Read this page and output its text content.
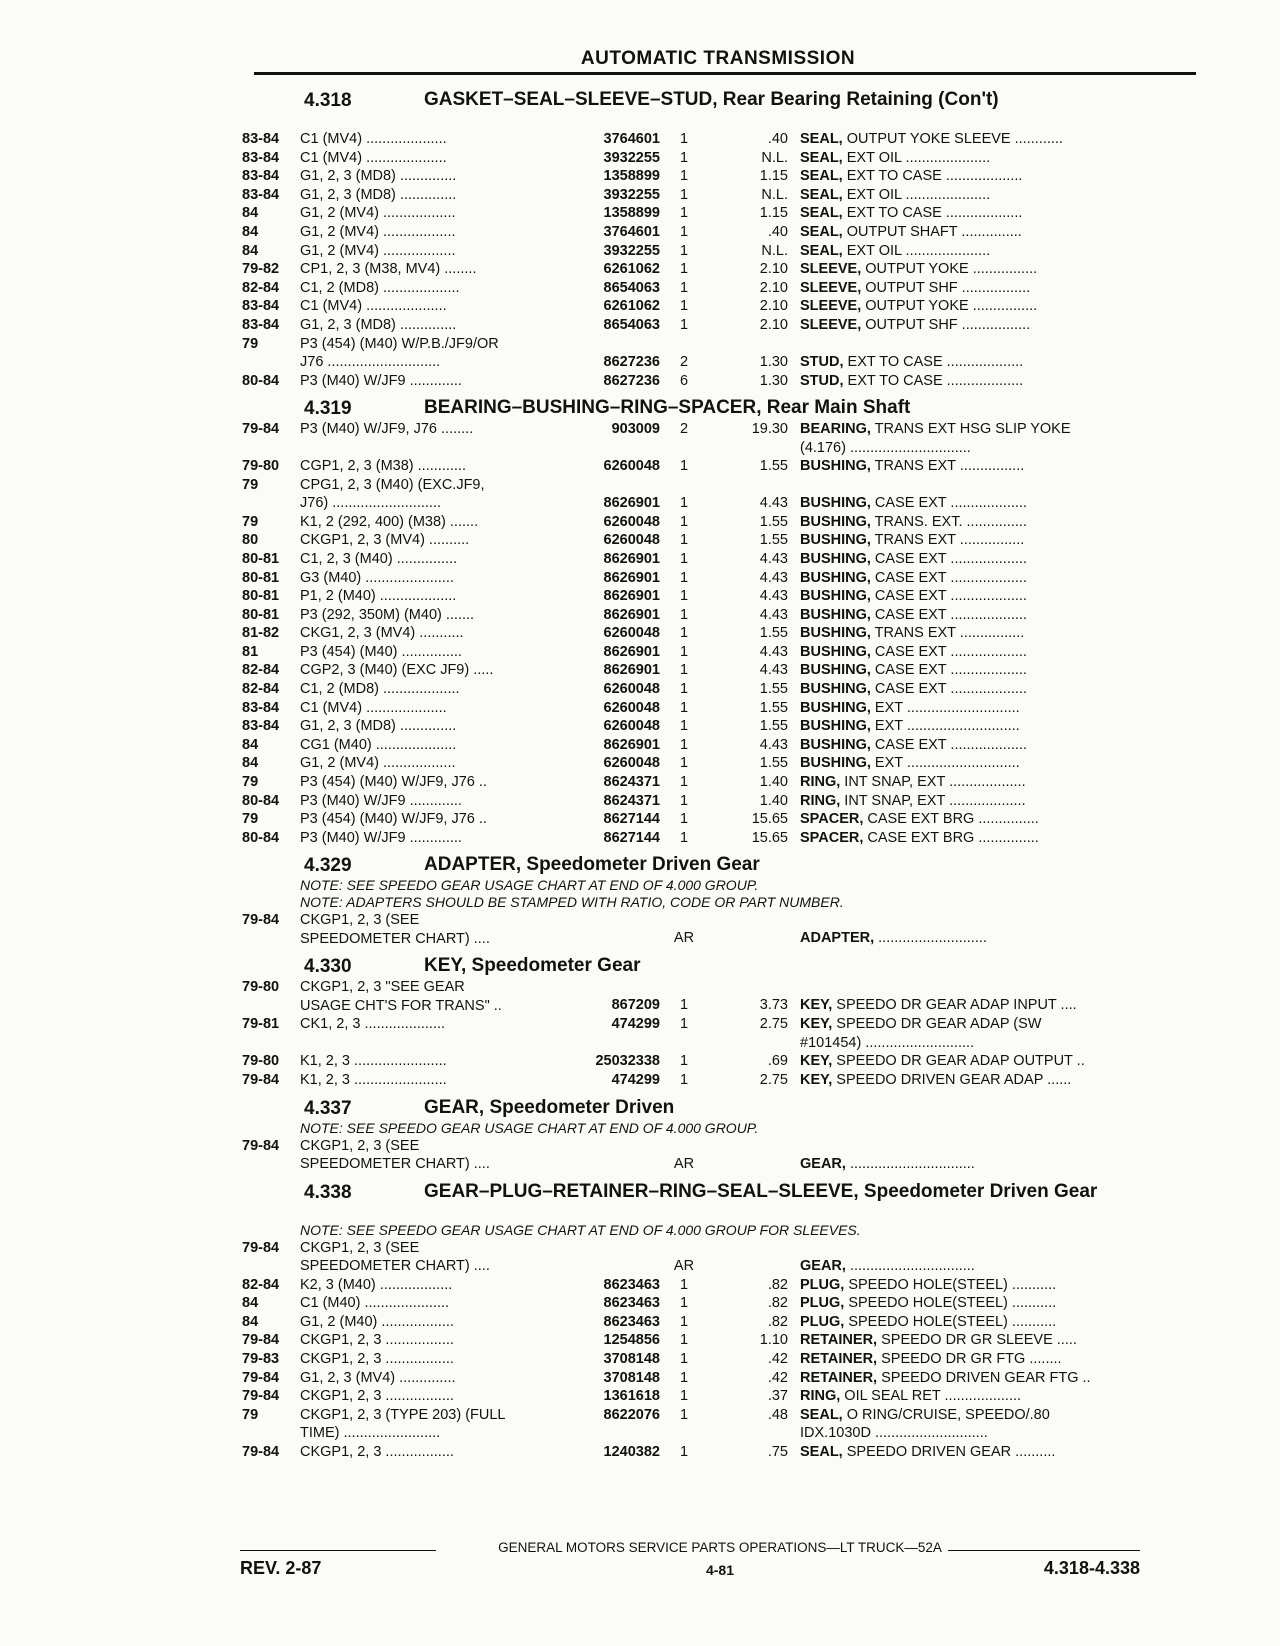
AUTOMATIC TRANSMISSION
4.318	GASKET–SEAL–SLEEVE–STUD, Rear Bearing Retaining (Con't)
83-84 C1 (MV4) ....................	3764601	1	.40 SEAL, OUTPUT YOKE SLEEVE ............
83-84 C1 (MV4) ....................	3932255	1	N.L. SEAL, EXT OIL .....................
83-84 G1, 2, 3 (MD8) ..............	1358899	1	1.15 SEAL, EXT TO CASE ...................
83-84 G1, 2, 3 (MD8) ..............	3932255	1	N.L. SEAL, EXT OIL .....................
84	G1, 2 (MV4) ..................	1358899	1	1.15 SEAL, EXT TO CASE ...................
84	G1, 2 (MV4) ..................	3764601	1	.40 SEAL, OUTPUT SHAFT ...............
84	G1, 2 (MV4) ..................	3932255	1	N.L. SEAL, EXT OIL .....................
79-82 CP1, 2, 3 (M38, MV4) ........	6261062	1	2.10 SLEEVE, OUTPUT YOKE ................
82-84 C1, 2 (MD8) ...................	8654063	1	2.10 SLEEVE, OUTPUT SHF .................
83-84 C1 (MV4) ....................	6261062	1	2.10 SLEEVE, OUTPUT YOKE ................
83-84 G1, 2, 3 (MD8) ..............	8654063	1	2.10 SLEEVE, OUTPUT SHF .................
79	P3 (454) (M40) W/P.B./JF9/OR
J76 ............................	8627236	2	1.30 STUD, EXT TO CASE ...................
80-84 P3 (M40) W/JF9 .............	8627236	6	1.30 STUD, EXT TO CASE ...................
4.319	BEARING–BUSHING–RING–SPACER, Rear Main Shaft
79-84 P3 (M40) W/JF9, J76 ........	903009	2	19.30 BEARING, TRANS EXT HSG SLIP YOKE
(4.176) ..............................
79-80 CGP1, 2, 3 (M38) ............	6260048	1	1.55 BUSHING, TRANS EXT ................
79	CPG1, 2, 3 (M40) (EXC.JF9,
J76) ...........................	8626901	1	4.43 BUSHING, CASE EXT ...................
79	K1, 2 (292, 400) (M38) .......	6260048	1	1.55 BUSHING, TRANS. EXT. ...............
80	CKGP1, 2, 3 (MV4) ..........	6260048	1	1.55 BUSHING, TRANS EXT ................
80-81 C1, 2, 3 (M40) ...............	8626901	1	4.43 BUSHING, CASE EXT ...................
80-81 G3 (M40) ......................	8626901	1	4.43 BUSHING, CASE EXT ...................
80-81 P1, 2 (M40) ...................	8626901	1	4.43 BUSHING, CASE EXT ...................
80-81 P3 (292, 350M) (M40) .......	8626901	1	4.43 BUSHING, CASE EXT ...................
81-82 CKG1, 2, 3 (MV4) ...........	6260048	1	1.55 BUSHING, TRANS EXT ................
81	P3 (454) (M40) ...............	8626901	1	4.43 BUSHING, CASE EXT ...................
82-84 CGP2, 3 (M40) (EXC JF9) .....	8626901	1	4.43 BUSHING, CASE EXT ...................
82-84 C1, 2 (MD8) ...................	6260048	1	1.55 BUSHING, CASE EXT ...................
83-84 C1 (MV4) ....................	6260048	1	1.55 BUSHING, EXT ............................
83-84 G1, 2, 3 (MD8) ..............	6260048	1	1.55 BUSHING, EXT ............................
84	CG1 (M40) ....................	8626901	1	4.43 BUSHING, CASE EXT ...................
84	G1, 2 (MV4) ..................	6260048	1	1.55 BUSHING, EXT ............................
79	P3 (454) (M40) W/JF9, J76 ..	8624371	1	1.40 RING, INT SNAP, EXT ...................
80-84 P3 (M40) W/JF9 .............	8624371	1	1.40 RING, INT SNAP, EXT ...................
79	P3 (454) (M40) W/JF9, J76 ..	8627144	1	15.65 SPACER, CASE EXT BRG ...............
80-84 P3 (M40) W/JF9 .............	8627144	1	15.65 SPACER, CASE EXT BRG ...............
4.329	ADAPTER, Speedometer Driven Gear
NOTE: SEE SPEEDO GEAR USAGE CHART AT END OF 4.000 GROUP.
NOTE: ADAPTERS SHOULD BE STAMPED WITH RATIO, CODE OR PART NUMBER.
79-84 CKGP1, 2, 3 (SEE
SPEEDOMETER CHART) ....	AR	ADAPTER, ...........................
4.330	KEY, Speedometer Gear
79-80 CKGP1, 2, 3 "SEE GEAR
USAGE CHT'S FOR TRANS" ..	867209	1	3.73 KEY, SPEEDO DR GEAR ADAP INPUT ....
79-81 CK1, 2, 3 ....................	474299	1	2.75 KEY, SPEEDO DR GEAR ADAP (SW
#101454) ...........................
79-80 K1, 2, 3 .......................	25032338	1	.69 KEY, SPEEDO DR GEAR ADAP OUTPUT ..
79-84 K1, 2, 3 .......................	474299	1	2.75 KEY, SPEEDO DRIVEN GEAR ADAP ......
4.337	GEAR, Speedometer Driven
NOTE: SEE SPEEDO GEAR USAGE CHART AT END OF 4.000 GROUP.
79-84 CKGP1, 2, 3 (SEE
SPEEDOMETER CHART) ....	AR	GEAR, ...............................
4.338	GEAR–PLUG–RETAINER–RING–SEAL–SLEEVE, Speedometer Driven Gear
NOTE: SEE SPEEDO GEAR USAGE CHART AT END OF 4.000 GROUP FOR SLEEVES.
79-84 CKGP1, 2, 3 (SEE
SPEEDOMETER CHART) ....	AR	GEAR, ...............................
82-84 K2, 3 (M40) ..................	8623463	1	.82 PLUG, SPEEDO HOLE(STEEL) ...........
84	C1 (M40) .....................	8623463	1	.82 PLUG, SPEEDO HOLE(STEEL) ...........
84	G1, 2 (M40) ..................	8623463	1	.82 PLUG, SPEEDO HOLE(STEEL) ...........
79-84 CKGP1, 2, 3 .................	1254856	1	1.10 RETAINER, SPEEDO DR GR SLEEVE .....
79-83 CKGP1, 2, 3 .................	3708148	1	.42 RETAINER, SPEEDO DR GR FTG ........
79-84 G1, 2, 3 (MV4) ..............	3708148	1	.42 RETAINER, SPEEDO DRIVEN GEAR FTG ..
79-84 CKGP1, 2, 3 .................	1361618	1	.37 RING, OIL SEAL RET ...................
79	CKGP1, 2, 3 (TYPE 203) (FULL
TIME) ........................
8622076	1	.48 SEAL, O RING/CRUISE, SPEEDO/.80
IDX.1030D ............................
79-84 CKGP1, 2, 3 .................	1240382	1	.75 SEAL, SPEEDO DRIVEN GEAR ..........
GENERAL MOTORS SERVICE PARTS OPERATIONS—LT TRUCK—52A
REV. 2-87	4-81	4.318-4.338
